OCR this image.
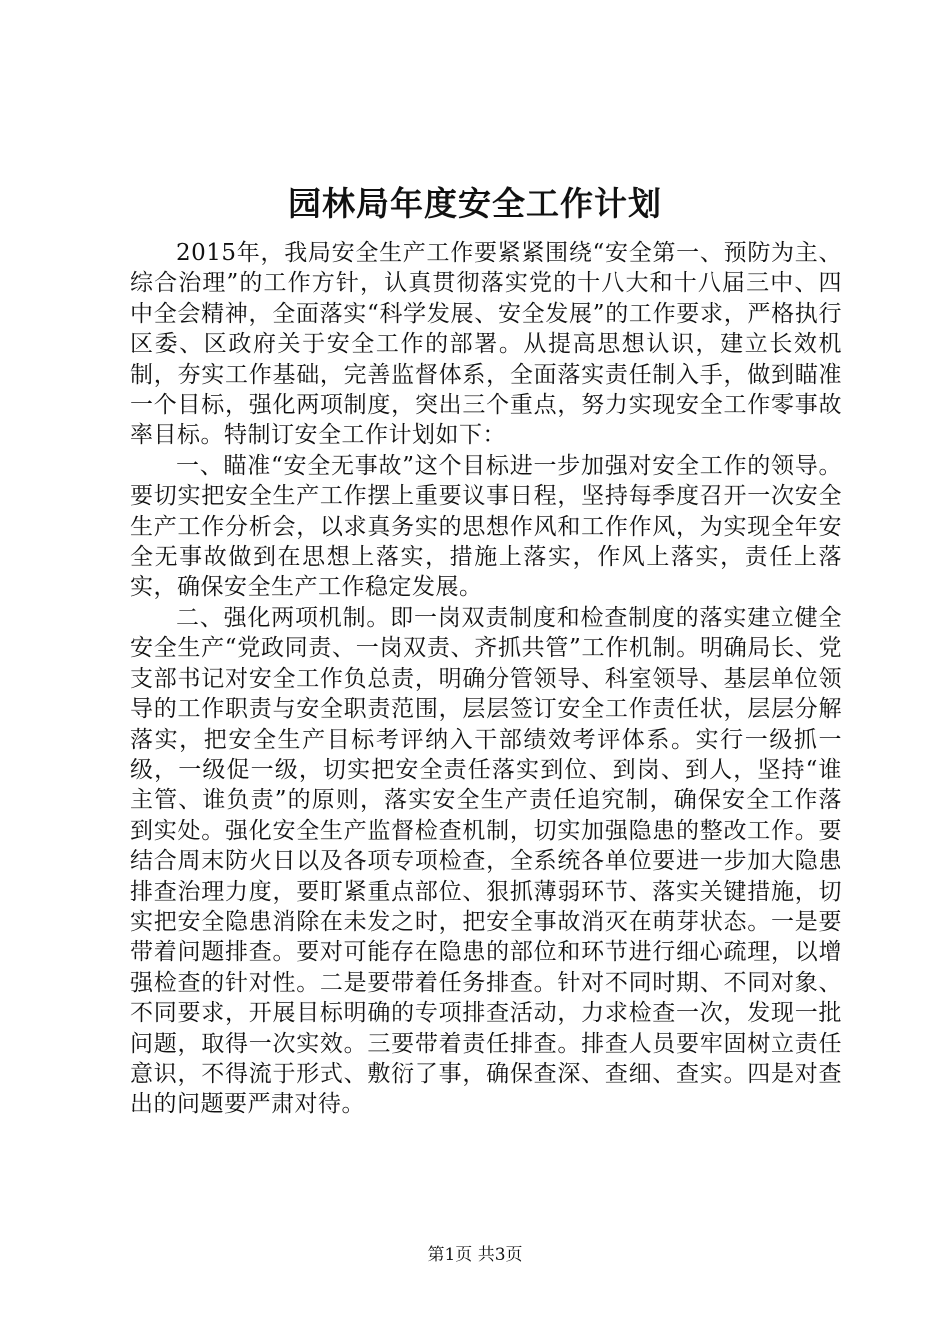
园林局年度安全工作计划

2015年，我局安全生产工作要紧紧围绕“安全第一、预防为主、综合治理”的工作方针，认真贯彻落实党的十八大和十八届三中、四中全会精神，全面落实“科学发展、安全发展”的工作要求，严格执行区委、区政府关于安全工作的部署。从提高思想认识，建立长效机制，夯实工作基础，完善监督体系，全面落实责任制入手，做到瞄准一个目标，强化两项制度，突出三个重点，努力实现安全工作零事故率目标。特制订安全工作计划如下：

一、瞄准“安全无事故”这个目标进一步加强对安全工作的领导。要切实把安全生产工作摆上重要议事日程，坚持每季度召开一次安全生产工作分析会，以求真务实的思想作风和工作作风，为实现全年安全无事故做到在思想上落实，措施上落实，作风上落实，责任上落实，确保安全生产工作稳定发展。

二、强化两项机制。即一岗双责制度和检查制度的落实建立健全安全生产“党政同责、一岗双责、齐抓共管”工作机制。明确局长、党支部书记对安全工作负总责，明确分管领导、科室领导、基层单位领导的工作职责与安全职责范围，层层签订安全工作责任状，层层分解落实，把安全生产目标考评纳入干部绩效考评体系。实行一级抓一级，一级促一级，切实把安全责任落实到位、到岗、到人，坚持“谁主管、谁负责”的原则，落实安全生产责任追究制，确保安全工作落到实处。强化安全生产监督检查机制，切实加强隐患的整改工作。要结合周末防火日以及各项专项检查，全系统各单位要进一步加大隐患排查治理力度，要盯紧重点部位、狠抓薄弱环节、落实关键措施，切实把安全隐患消除在未发之时，把安全事故消灭在萌芽状态。一是要带着问题排查。要对可能存在隐患的部位和环节进行细心疏理，以增强检查的针对性。二是要带着任务排查。针对不同时期、不同对象、不同要求，开展目标明确的专项排查活动，力求检查一次，发现一批问题，取得一次实效。三要带着责任排查。排查人员要牢固树立责任意识，不得流于形式、敷衍了事，确保查深、查细、查实。四是对查出的问题要严肃对待。

第1页 共3页
